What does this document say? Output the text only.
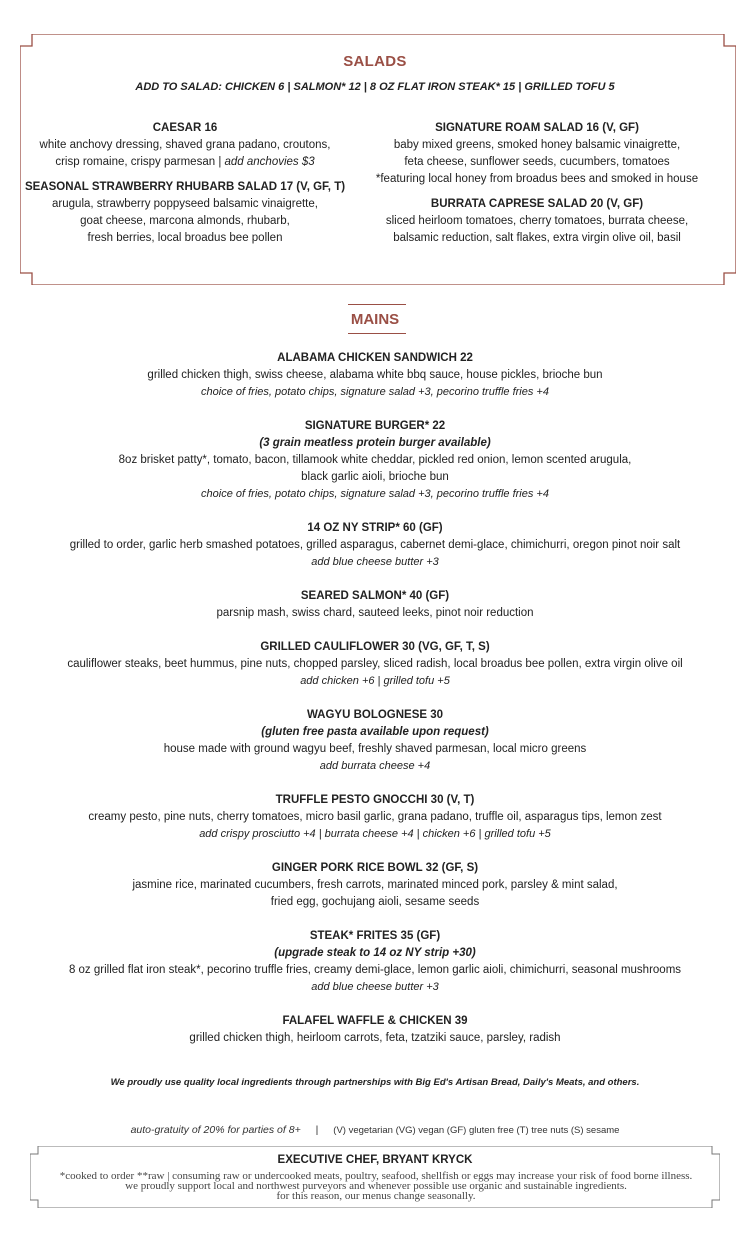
SALADS
ADD TO SALAD: CHICKEN 6 | SALMON* 12 | 8 OZ FLAT IRON STEAK* 15 | GRILLED TOFU 5
CAESAR 16
white anchovy dressing, shaved grana padano, croutons,
crisp romaine, crispy parmesan | add anchovies $3
SEASONAL STRAWBERRY RHUBARB SALAD 17 (V, GF, T)
arugula, strawberry poppyseed balsamic vinaigrette,
goat cheese, marcona almonds, rhubarb,
fresh berries, local broadus bee pollen
SIGNATURE ROAM SALAD 16 (V, GF)
baby mixed greens, smoked honey balsamic vinaigrette,
feta cheese, sunflower seeds, cucumbers, tomatoes
*featuring local honey from broadus bees and smoked in house
BURRATA CAPRESE SALAD 20 (V, GF)
sliced heirloom tomatoes, cherry tomatoes, burrata cheese,
balsamic reduction, salt flakes, extra virgin olive oil, basil
MAINS
ALABAMA CHICKEN SANDWICH 22
grilled chicken thigh, swiss cheese, alabama white bbq sauce, house pickles, brioche bun
choice of fries, potato chips, signature salad +3, pecorino truffle fries +4
SIGNATURE BURGER* 22
(3 grain meatless protein burger available)
8oz brisket patty*, tomato, bacon, tillamook white cheddar, pickled red onion, lemon scented arugula,
black garlic aioli, brioche bun
choice of fries, potato chips, signature salad +3, pecorino truffle fries +4
14 OZ NY STRIP* 60 (GF)
grilled to order, garlic herb smashed potatoes, grilled asparagus, cabernet demi-glace, chimichurri, oregon pinot noir salt
add blue cheese butter +3
SEARED SALMON* 40 (GF)
parsnip mash, swiss chard, sauteed leeks, pinot noir reduction
GRILLED CAULIFLOWER 30 (VG, GF, T, S)
cauliflower steaks, beet hummus, pine nuts, chopped parsley, sliced radish, local broadus bee pollen, extra virgin olive oil
add chicken +6 | grilled tofu +5
WAGYU BOLOGNESE 30
(gluten free pasta available upon request)
house made with ground wagyu beef, freshly shaved parmesan, local micro greens
add burrata cheese +4
TRUFFLE PESTO GNOCCHI 30 (V, T)
creamy pesto, pine nuts, cherry tomatoes, micro basil garlic, grana padano, truffle oil, asparagus tips, lemon zest
add crispy prosciutto +4 | burrata cheese +4 | chicken +6 | grilled tofu +5
GINGER PORK RICE BOWL 32 (GF, S)
jasmine rice, marinated cucumbers, fresh carrots, marinated minced pork, parsley & mint salad,
fried egg, gochujang aioli, sesame seeds
STEAK* FRITES 35 (GF)
(upgrade steak to 14 oz NY strip +30)
8 oz grilled flat iron steak*, pecorino truffle fries, creamy demi-glace, lemon garlic aioli, chimichurri, seasonal mushrooms
add blue cheese butter +3
FALAFEL WAFFLE & CHICKEN 39
grilled chicken thigh, heirloom carrots, feta, tzatziki sauce, parsley, radish
We proudly use quality local ingredients through partnerships with Big Ed's Artisan Bread, Daily's Meats, and others.
auto-gratuity of 20% for parties of 8+ | (V) vegetarian (VG) vegan (GF) gluten free (T) tree nuts (S) sesame
EXECUTIVE CHEF, BRYANT KRYCK
*cooked to order **raw | consuming raw or undercooked meats, poultry, seafood, shellfish or eggs may increase your risk of food borne illness.
we proudly support local and northwest purveyors and whenever possible use organic and sustainable ingredients.
for this reason, our menus change seasonally.
